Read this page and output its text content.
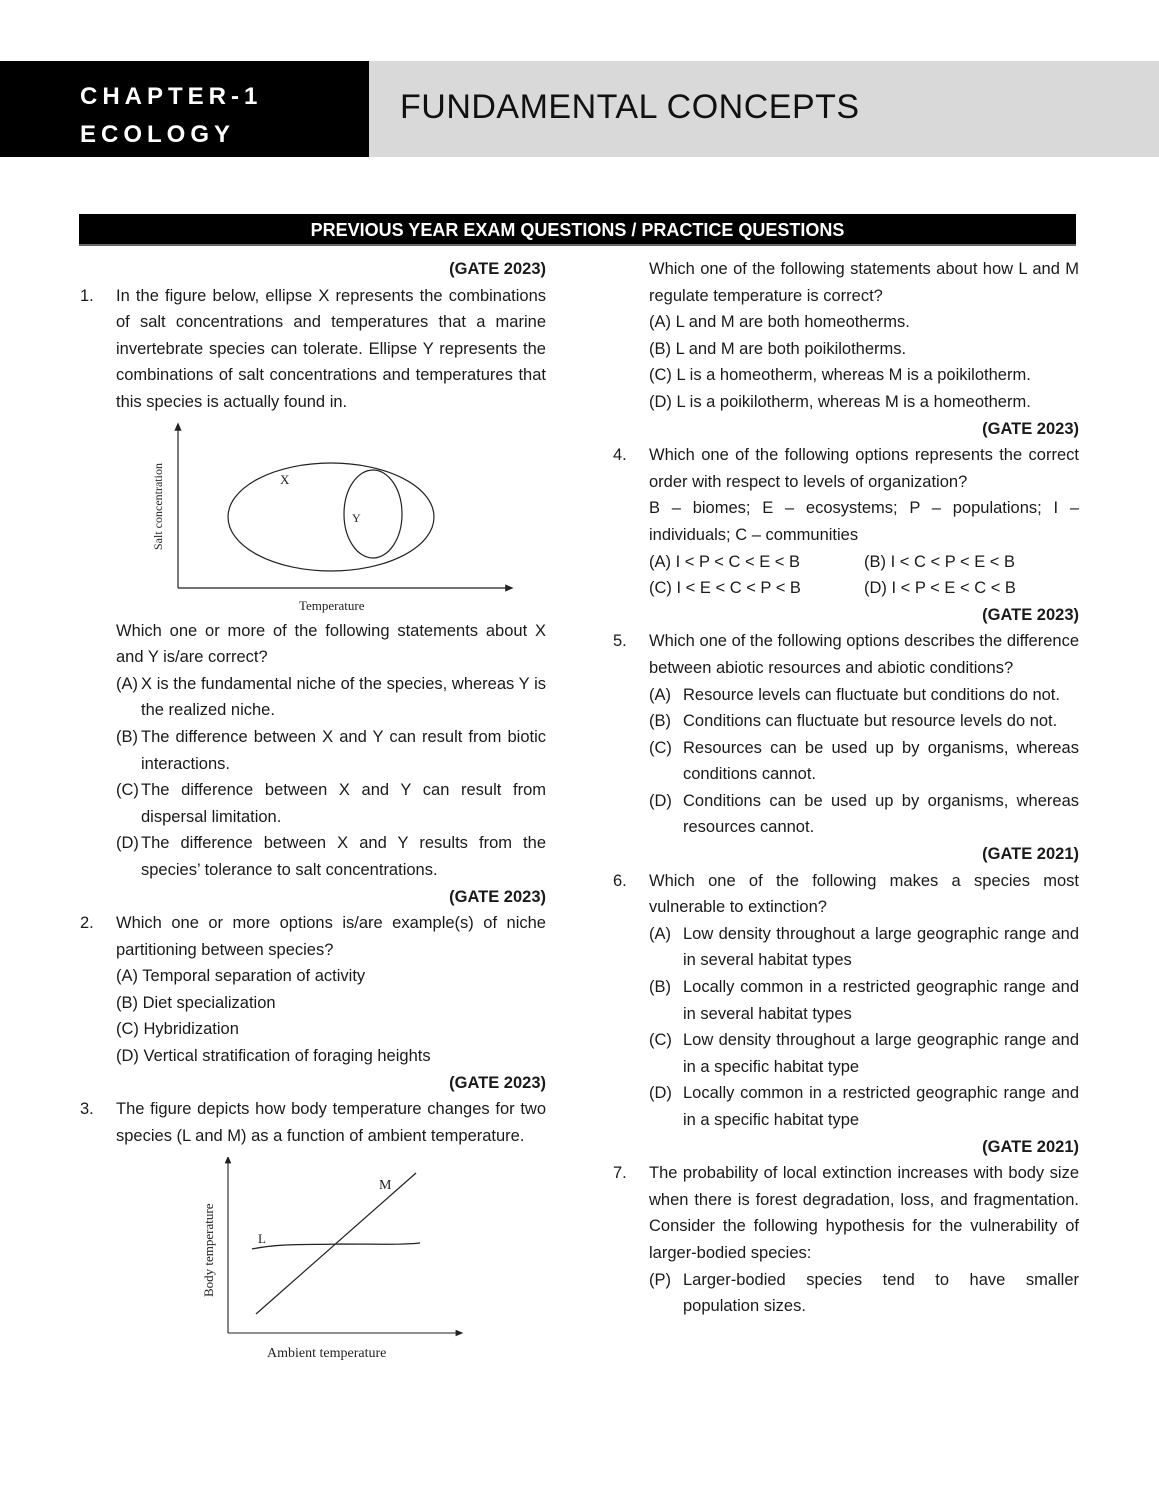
CHAPTER-1
ECOLOGY
FUNDAMENTAL CONCEPTS
PREVIOUS YEAR EXAM QUESTIONS / PRACTICE QUESTIONS
(GATE 2023)
1. In the figure below, ellipse X represents the combinations of salt concentrations and temperatures that a marine invertebrate species can tolerate. Ellipse Y represents the combinations of salt concentrations and temperatures that this species is actually found in.
X
Y
Salt concentration
Temperature
Which one or more of the following statements about X and Y is/are correct?
(A) X is the fundamental niche of the species, whereas Y is the realized niche.
(B) The difference between X and Y can result from biotic interactions.
(C) The difference between X and Y can result from dispersal limitation.
(D) The difference between X and Y results from the species’ tolerance to salt concentrations.
(GATE 2023)
2. Which one or more options is/are example(s) of niche partitioning between species?
(A) Temporal separation of activity
(B) Diet specialization
(C) Hybridization
(D) Vertical stratification of foraging heights
(GATE 2023)
3. The figure depicts how body temperature changes for two species (L and M) as a function of ambient temperature.
M
L
Body temperature
Ambient temperature
Which one of the following statements about how L and M regulate temperature is correct?
(A) L and M are both homeotherms.
(B) L and M are both poikilotherms.
(C) L is a homeotherm, whereas M is a poikilotherm.
(D) L is a poikilotherm, whereas M is a homeotherm.
(GATE 2023)
4. Which one of the following options represents the correct order with respect to levels of organization?
B – biomes; E – ecosystems; P – populations; I – individuals; C – communities
(A) I < P < C < E < B	(B) I < C < P < E < B
(C) I < E < C < P < B	(D) I < P < E < C < B
(GATE 2023)
5. Which one of the following options describes the difference between abiotic resources and abiotic conditions?
(A) Resource levels can fluctuate but conditions do not.
(B) Conditions can fluctuate but resource levels do not.
(C) Resources can be used up by organisms, whereas conditions cannot.
(D) Conditions can be used up by organisms, whereas resources cannot.
(GATE 2021)
6. Which one of the following makes a species most vulnerable to extinction?
(A) Low density throughout a large geographic range and in several habitat types
(B) Locally common in a restricted geographic range and in several habitat types
(C) Low density throughout a large geographic range and in a specific habitat type
(D) Locally common in a restricted geographic range and in a specific habitat type
(GATE 2021)
7. The probability of local extinction increases with body size when there is forest degradation, loss, and fragmentation. Consider the following hypothesis for the vulnerability of larger-bodied species:
(P) Larger-bodied species tend to have smaller population sizes.
